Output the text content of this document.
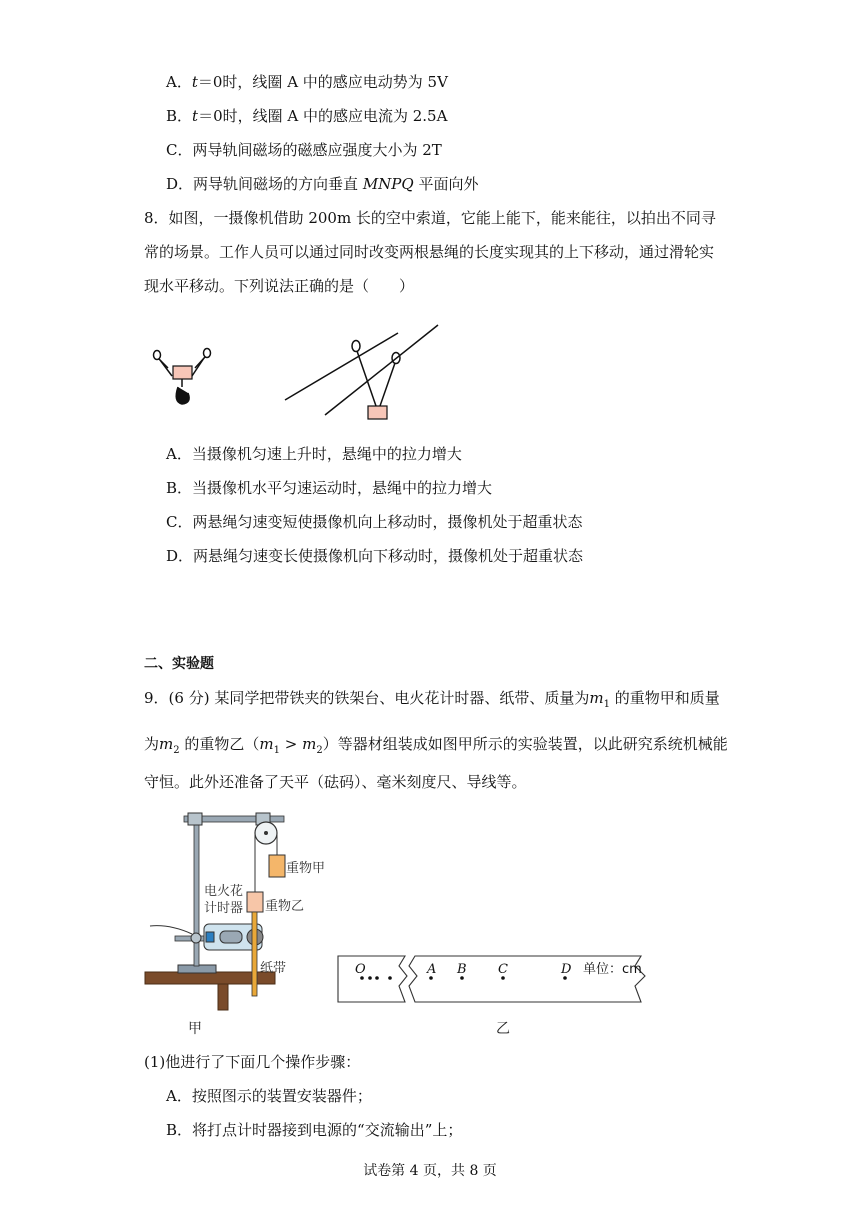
A．t＝0时，线圈 A 中的感应电动势为 5V
B．t＝0时，线圈 A 中的感应电流为 2.5A
C．两导轨间磁场的磁感应强度大小为 2T
D．两导轨间磁场的方向垂直 MNPQ 平面向外
8．如图，一摄像机借助 200m 长的空中索道，它能上能下，能来能往，以拍出不同寻
常的场景。工作人员可以通过同时改变两根悬绳的长度实现其的上下移动，通过滑轮实
现水平移动。下列说法正确的是（　　）
A．当摄像机匀速上升时，悬绳中的拉力增大
B．当摄像机水平匀速运动时，悬绳中的拉力增大
C．两悬绳匀速变短使摄像机向上移动时，摄像机处于超重状态
D．两悬绳匀速变长使摄像机向下移动时，摄像机处于超重状态
二、实验题
9．(6 分) 某同学把带铁夹的铁架台、电火花计时器、纸带、质量为$m_1$ 的重物甲和质量
为$m_2$ 的重物乙$(m_1 > m_2)$等器材组装成如图甲所示的实验装置，以此研究系统机械能
守恒。此外还准备了天平（砝码）、毫米刻度尺、导线等。
重物甲
电火花
计时器 重物乙
纸带
甲
O	A B C	D 单位：cm
乙
(1)他进行了下面几个操作步骤：
A．按照图示的装置安装器件；
B．将打点计时器接到电源的“交流输出”上；
试卷第 4 页，共 8 页
